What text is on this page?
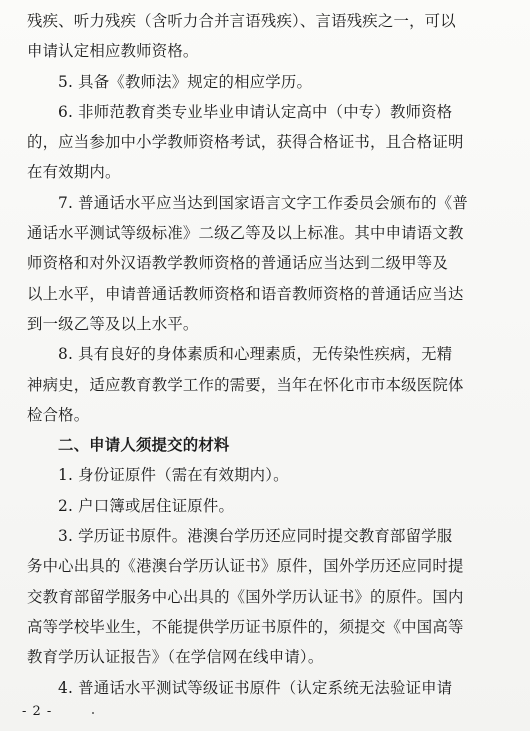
残疾、听力残疾（含听力合并言语残疾）、言语残疾之一，可以
申请认定相应教师资格。
5. 具备《教师法》规定的相应学历。
6. 非师范教育类专业毕业申请认定高中（中专）教师资格
的，应当参加中小学教师资格考试，获得合格证书，且合格证明
在有效期内。
7. 普通话水平应当达到国家语言文字工作委员会颁布的《普
通话水平测试等级标准》二级乙等及以上标准。其中申请语文教
师资格和对外汉语教学教师资格的普通话应当达到二级甲等及
以上水平，申请普通话教师资格和语音教师资格的普通话应当达
到一级乙等及以上水平。
8. 具有良好的身体素质和心理素质，无传染性疾病，无精
神病史，适应教育教学工作的需要，当年在怀化市市本级医院体
检合格。
二、申请人须提交的材料
1. 身份证原件（需在有效期内）。
2. 户口簿或居住证原件。
3. 学历证书原件。港澳台学历还应同时提交教育部留学服
务中心出具的《港澳台学历认证书》原件，国外学历还应同时提
交教育部留学服务中心出具的《国外学历认证书》的原件。国内
高等学校毕业生，不能提供学历证书原件的，须提交《中国高等
教育学历认证报告》（在学信网在线申请）。
4. 普通话水平测试等级证书原件（认定系统无法验证申请
- 2 -
